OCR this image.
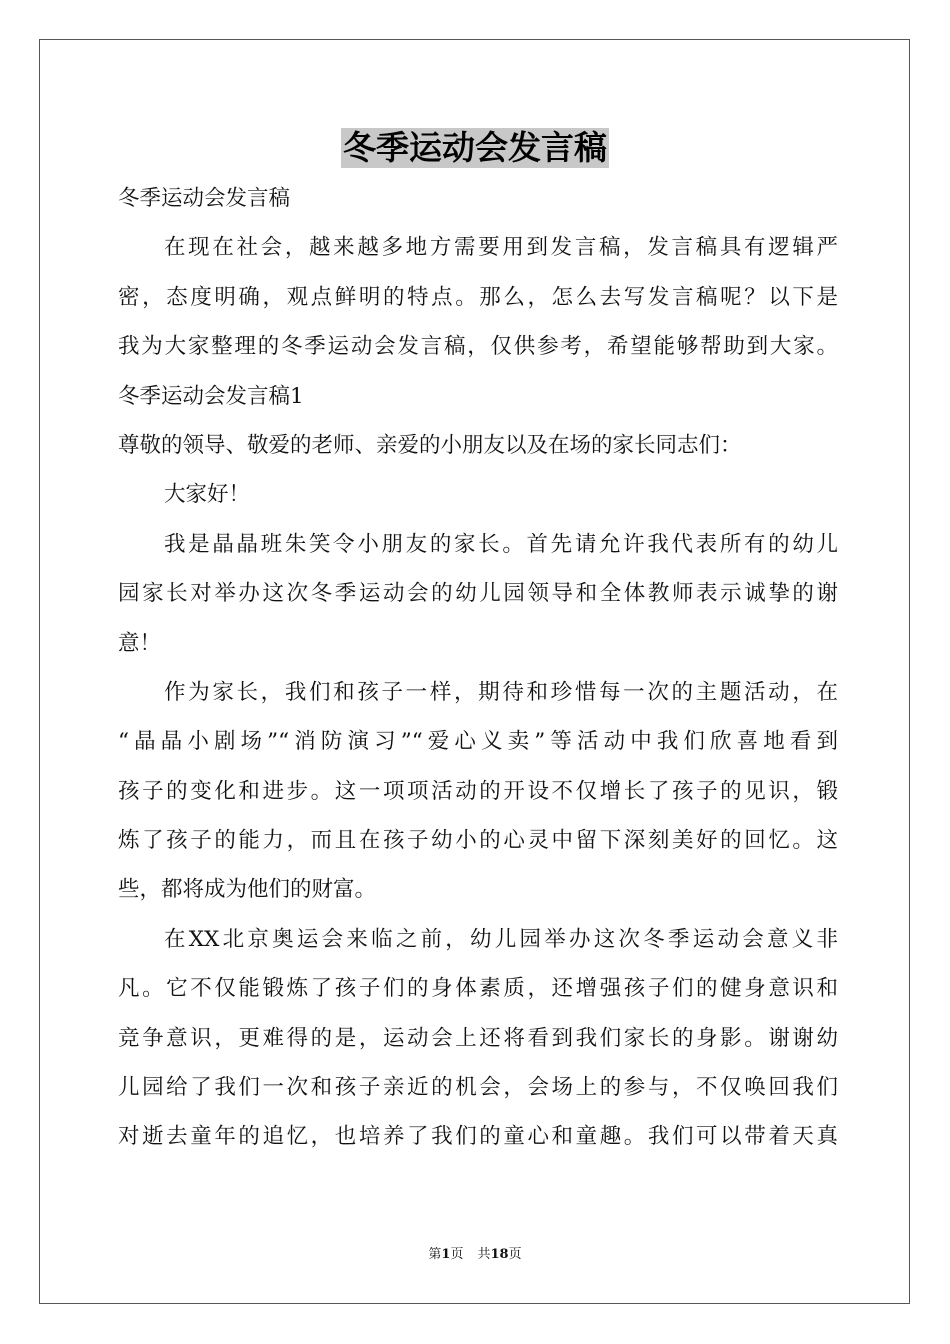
冬季运动会发言稿
冬季运动会发言稿
在现在社会，越来越多地方需要用到发言稿，发言稿具有逻辑严
密，态度明确，观点鲜明的特点。那么，怎么去写发言稿呢？以下是
我为大家整理的冬季运动会发言稿，仅供参考，希望能够帮助到大家。
冬季运动会发言稿1
尊敬的领导、敬爱的老师、亲爱的小朋友以及在场的家长同志们：
大家好！
我是晶晶班朱笑令小朋友的家长。首先请允许我代表所有的幼儿
园家长对举办这次冬季运动会的幼儿园领导和全体教师表示诚挚的谢
意！
作为家长，我们和孩子一样，期待和珍惜每一次的主题活动，在
“晶晶小剧场”“消防演习”“爱心义卖”等活动中我们欣喜地看到
孩子的变化和进步。这一项项活动的开设不仅增长了孩子的见识，锻
炼了孩子的能力，而且在孩子幼小的心灵中留下深刻美好的回忆。这
些，都将成为他们的财富。
在XX北京奥运会来临之前，幼儿园举办这次冬季运动会意义非
凡。它不仅能锻炼了孩子们的身体素质，还增强孩子们的健身意识和
竞争意识，更难得的是，运动会上还将看到我们家长的身影。谢谢幼
儿园给了我们一次和孩子亲近的机会，会场上的参与，不仅唤回我们
对逝去童年的追忆，也培养了我们的童心和童趣。我们可以带着天真
第1页 共18页
